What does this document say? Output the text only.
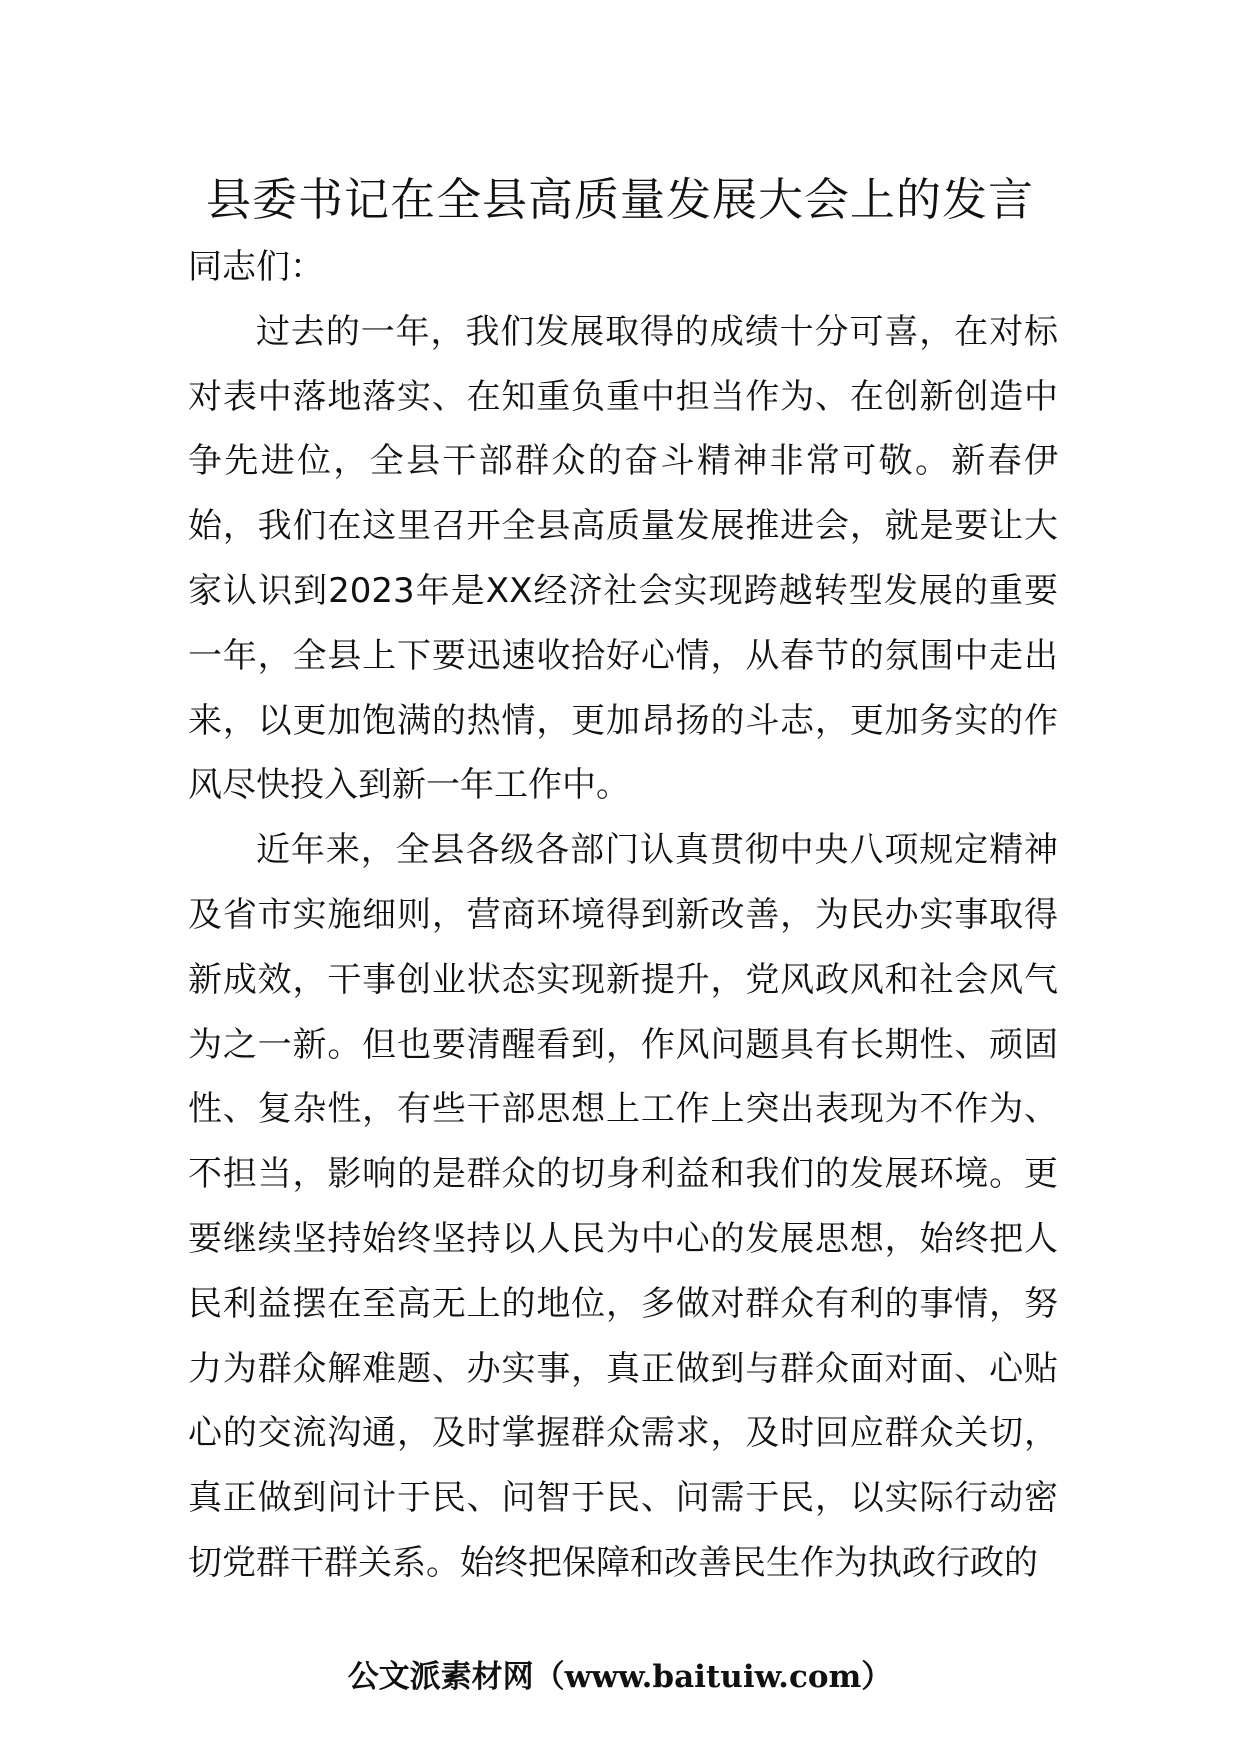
县委书记在全县高质量发展大会上的发言

同志们：

过去的一年，我们发展取得的成绩十分可喜，在对标对表中落地落实、在知重负重中担当作为、在创新创造中争先进位，全县干部群众的奋斗精神非常可敬。新春伊始，我们在这里召开全县高质量发展推进会，就是要让大家认识到2023年是XX经济社会实现跨越转型发展的重要一年，全县上下要迅速收拾好心情，从春节的氛围中走出来，以更加饱满的热情，更加昂扬的斗志，更加务实的作风尽快投入到新一年工作中。

近年来，全县各级各部门认真贯彻中央八项规定精神及省市实施细则，营商环境得到新改善，为民办实事取得新成效，干事创业状态实现新提升，党风政风和社会风气为之一新。但也要清醒看到，作风问题具有长期性、顽固性、复杂性，有些干部思想上工作上突出表现为不作为、不担当，影响的是群众的切身利益和我们的发展环境。更要继续坚持始终坚持以人民为中心的发展思想，始终把人民利益摆在至高无上的地位，多做对群众有利的事情，努力为群众解难题、办实事，真正做到与群众面对面、心贴心的交流沟通，及时掌握群众需求，及时回应群众关切，真正做到问计于民、问智于民、问需于民，以实际行动密切党群干群关系。始终把保障和改善民生作为执政行政的

公文派素材网（www.baituiw.com）
